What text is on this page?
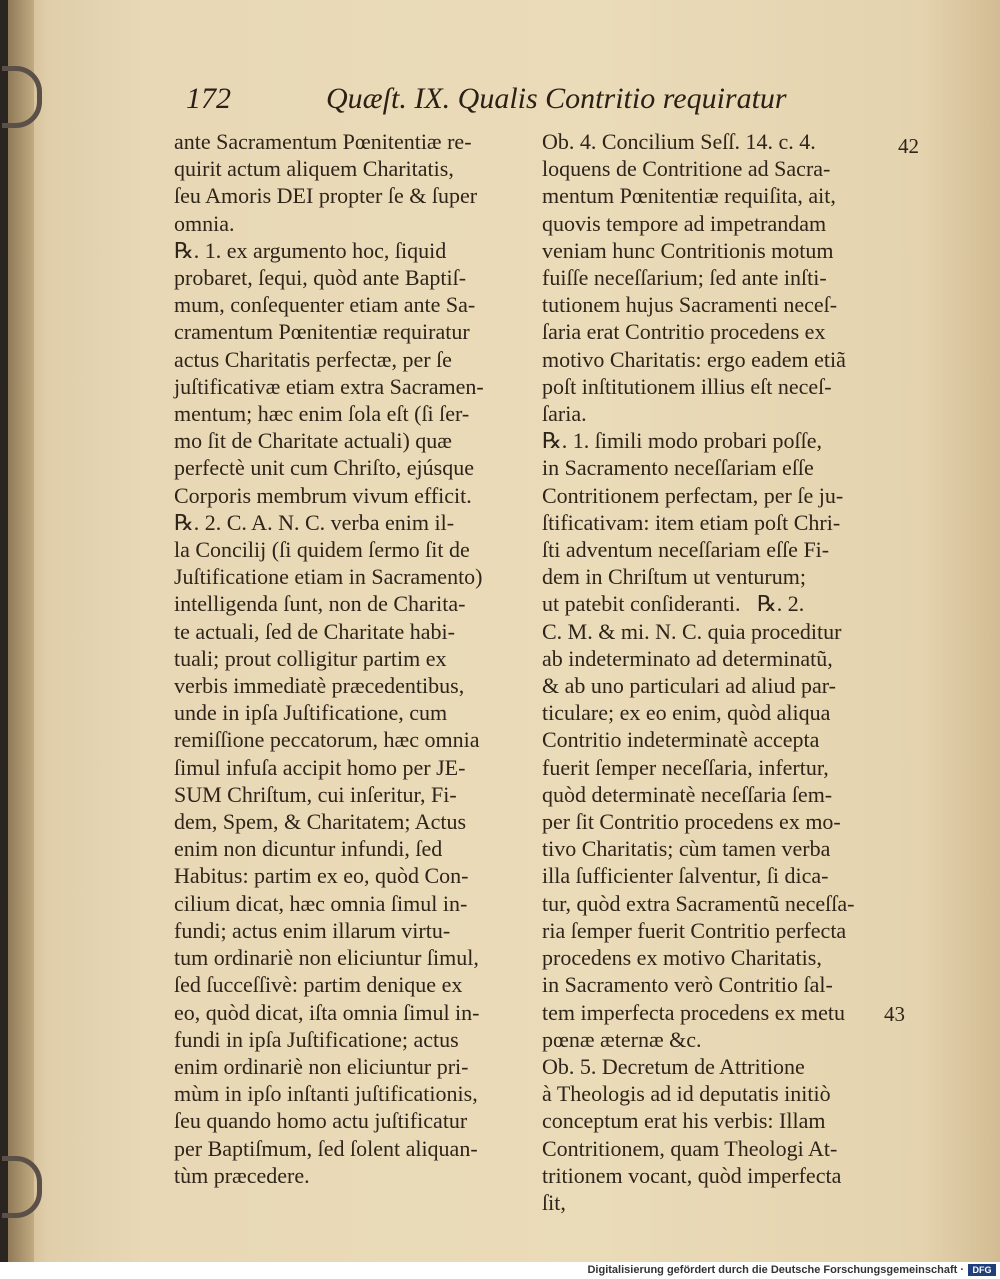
172	Quæſt. IX. Qualis Contritio requiratur

ante Sacramentum Pœnitentiæ re-

quirit actum aliquem Charitatis,

ſeu Amoris DEI propter ſe & ſuper

omnia.

℞. 1. ex argumento hoc, ſiquid

probaret, ſequi, quòd ante Baptiſ-

mum, conſequenter etiam ante Sa-

cramentum Pœnitentiæ requiratur

actus Charitatis perfectæ, per ſe

juſtificativæ etiam extra Sacramen-

mentum; hæc enim ſola eſt (ſi ſer-

mo ſit de Charitate actuali) quæ

perfectè unit cum Chriſto, ejúsque

Corporis membrum vivum efficit.

℞. 2. C. A. N. C. verba enim il-

la Concilij (ſi quidem ſermo ſit de

Juſtificatione etiam in Sacramento)

intelligenda ſunt, non de Charita-

te actuali, ſed de Charitate habi-

tuali; prout colligitur partim ex

verbis immediatè præcedentibus,

unde in ipſa Juſtificatione, cum

remiſſione peccatorum, hæc omnia

ſimul infuſa accipit homo per JE-

SUM Chriſtum, cui inſeritur, Fi-

dem, Spem, & Charitatem; Actus

enim non dicuntur infundi, ſed

Habitus: partim ex eo, quòd Con-

cilium dicat, hæc omnia ſimul in-

fundi; actus enim illarum virtu-

tum ordinariè non eliciuntur ſimul,

ſed ſucceſſivè: partim denique ex

eo, quòd dicat, iſta omnia ſimul in-

fundi in ipſa Juſtificatione; actus

enim ordinariè non eliciuntur pri-

mùm in ipſo inſtanti juſtificationis,

ſeu quando homo actu juſtificatur

per Baptiſmum, ſed ſolent aliquan-

tùm præcedere.

Ob. 4. Concilium Seſſ. 14. c. 4.

loquens de Contritione ad Sacra-

mentum Pœnitentiæ requiſita, ait,

quovis tempore ad impetrandam

veniam hunc Contritionis motum

fuiſſe neceſſarium; ſed ante inſti-

tutionem hujus Sacramenti neceſ-

ſaria erat Contritio procedens ex

motivo Charitatis: ergo eadem etiã

poſt inſtitutionem illius eſt neceſ-

ſaria.

℞. 1. ſimili modo probari poſſe,

in Sacramento neceſſariam eſſe

Contritionem perfectam, per ſe ju-

ſtificativam: item etiam poſt Chri-

ſti adventum neceſſariam eſſe Fi-

dem in Chriſtum ut venturum;

ut patebit conſideranti.   ℞. 2.

C. M. & mi. N. C. quia proceditur

ab indeterminato ad determinatũ,

& ab uno particulari ad aliud par-

ticulare; ex eo enim, quòd aliqua

Contritio indeterminatè accepta

fuerit ſemper neceſſaria, infertur,

quòd determinatè neceſſaria ſem-

per ſit Contritio procedens ex mo-

tivo Charitatis; cùm tamen verba

illa ſufficienter ſalventur, ſi dica-

tur, quòd extra Sacramentũ neceſſa-

ria ſemper fuerit Contritio perfecta

procedens ex motivo Charitatis,

in Sacramento verò Contritio ſal-

tem imperfecta procedens ex metu

pœnæ æternæ &c.

Ob. 5. Decretum de Attritione

à Theologis ad id deputatis initiò

conceptum erat his verbis: Illam

Contritionem, quam Theologi At-

tritionem vocant, quòd imperfecta

ſit,

42
43
Digitalisierung gefördert durch die Deutsche Forschungsgemeinschaft · DFG
